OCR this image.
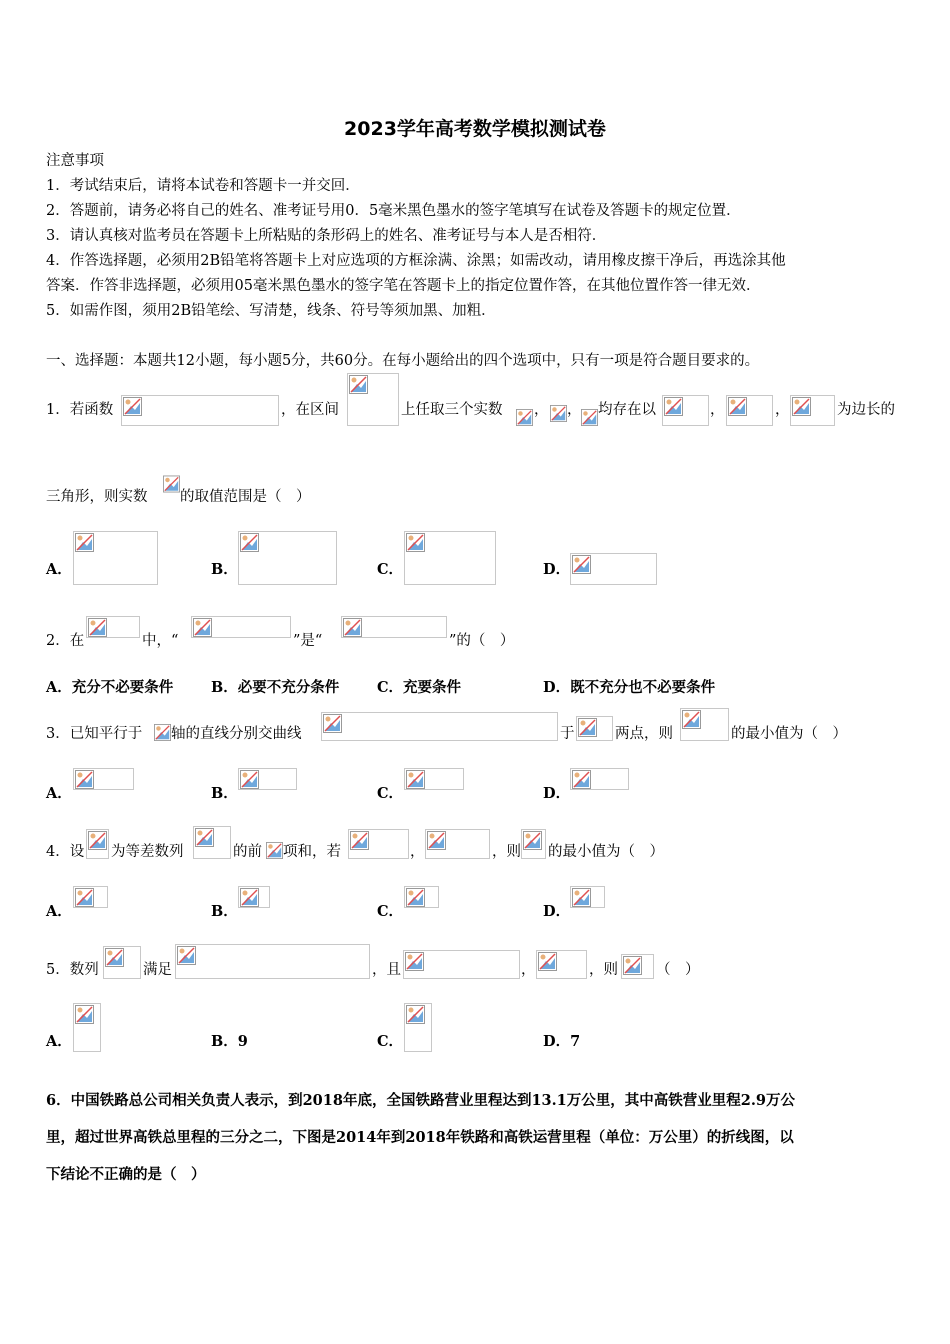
2023学年高考数学模拟测试卷
注意事项
1．考试结束后，请将本试卷和答题卡一并交回．
2．答题前，请务必将自己的姓名、准考证号用0．5毫米黑色墨水的签字笔填写在试卷及答题卡的规定位置．
3．请认真核对监考员在答题卡上所粘贴的条形码上的姓名、准考证号与本人是否相符．
4．作答选择题，必须用2B铅笔将答题卡上对应选项的方框涂满、涂黑；如需改动，请用橡皮擦干净后，再选涂其他
答案．作答非选择题，必须用05毫米黑色墨水的签字笔在答题卡上的指定位置作答，在其他位置作答一律无效．
5．如需作图，须用2B铅笔绘、写清楚，线条、符号等须加黑、加粗．
一、选择题：本题共12小题，每小题5分，共60分。在每小题给出的四个选项中，只有一项是符合题目要求的。
1．若函数	，在区间	上任取三个实数 ， ， 均存在以	，	，	为边长的
三角形，则实数 的取值范围是（　）
A．	B．	C．	D．
2．在	中，“	”是“	”的（　）
A．充分不必要条件	B．必要不充分条件	C．充要条件	D．既不充分也不必要条件
3．已知平行于 轴的直线分别交曲线	于	两点，则	的最小值为（　）
A．	B．	C．	D．
4．设 为等差数列	的前 项和，若	，	，则 的最小值为（　）
A．	B．	C．	D．
5．数列	满足	，且	，	，则	（　）
A．	B．9	C．	D．7
6．中国铁路总公司相关负责人表示，到2018年底，全国铁路营业里程达到13.1万公里，其中高铁营业里程2.9万公
里，超过世界高铁总里程的三分之二，下图是2014年到2018年铁路和高铁运营里程（单位：万公里）的折线图，以
下结论不正确的是（　）
